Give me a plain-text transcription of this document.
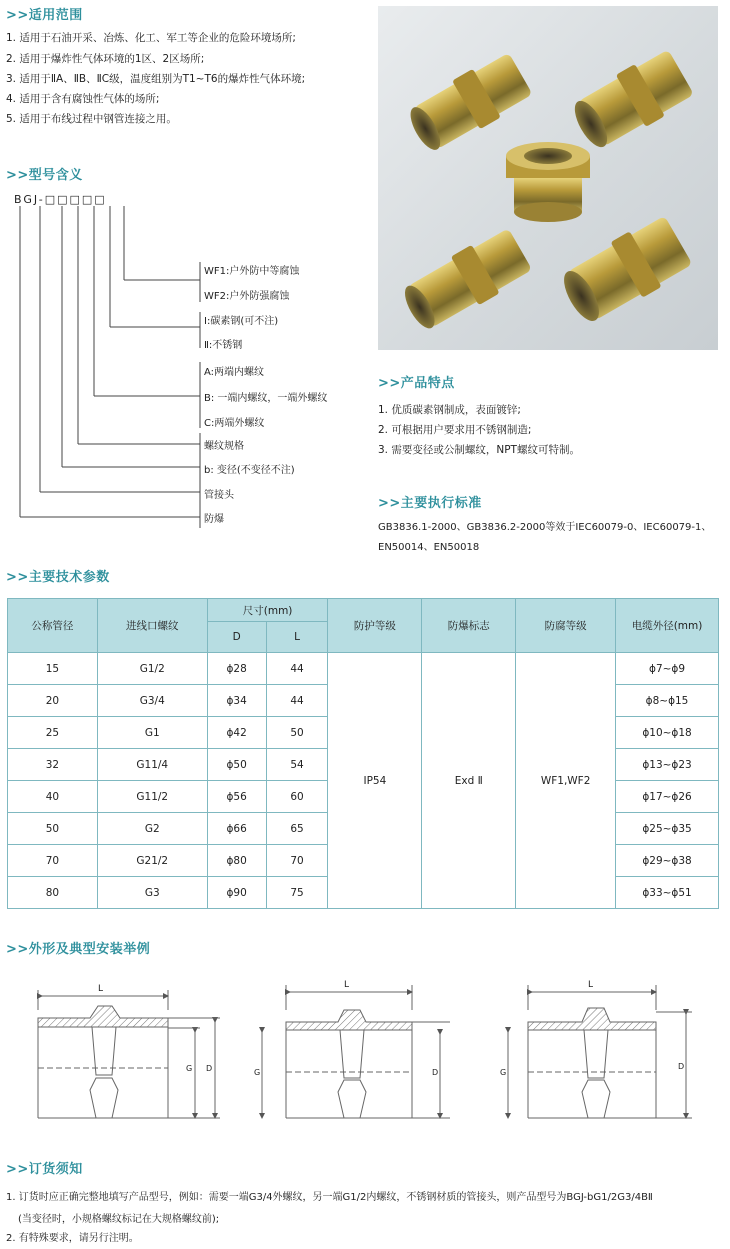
>>适用范围
1. 适用于石油开采、冶炼、化工、军工等企业的危险环境场所;
2. 适用于爆炸性气体环境的1区、2区场所;
3. 适用于ⅡA、ⅡB、ⅡC级，温度组别为T1~T6的爆炸性气体环境;
4. 适用于含有腐蚀性气体的场所;
5. 适用于布线过程中钢管连接之用。
>>型号含义
BGJ-□□□□□
WF1:户外防中等腐蚀
WF2:户外防强腐蚀
Ⅰ:碳素钢(可不注)
Ⅱ:不锈钢
A:两端内螺纹
B: 一端内螺纹，一端外螺纹
C:两端外螺纹
螺纹规格
b: 变径(不变径不注)
管接头
防爆
>>产品特点
1. 优质碳素钢制成，表面镀锌;
2. 可根据用户要求用不锈钢制造;
3. 需要变径或公制螺纹，NPT螺纹可特制。
>>主要执行标准
GB3836.1-2000、GB3836.2-2000等效于IEC60079-0、IEC60079-1、
EN50014、EN50018
>>主要技术参数
公称管径	进线口螺纹	尺寸(mm)		防护等级	防爆标志	防腐等级	电缆外径(mm)
		D	L				
15	G1/2	ϕ28	44	IP54	Exd Ⅱ	WF1,WF2	ϕ7~ϕ9
20	G3/4	ϕ34	44				ϕ8~ϕ15
25	G1	ϕ42	50				ϕ10~ϕ18
32	G11/4	ϕ50	54				ϕ13~ϕ23
40	G11/2	ϕ56	60				ϕ17~ϕ26
50	G2	ϕ66	65				ϕ25~ϕ35
70	G21/2	ϕ80	70				ϕ29~ϕ38
80	G3	ϕ90	75				ϕ33~ϕ51
>>外形及典型安装举例
L
G D
L
G	D
L
G
D
>>订货须知
1. 订货时应正确完整地填写产品型号，例如：需要一端G3/4外螺纹，另一端G1/2内螺纹，不锈钢材质的管接头，则产品型号为BGJ-bG1/2G3/4BⅡ
(当变径时，小规格螺纹标记在大规格螺纹前);
2. 有特殊要求，请另行注明。
